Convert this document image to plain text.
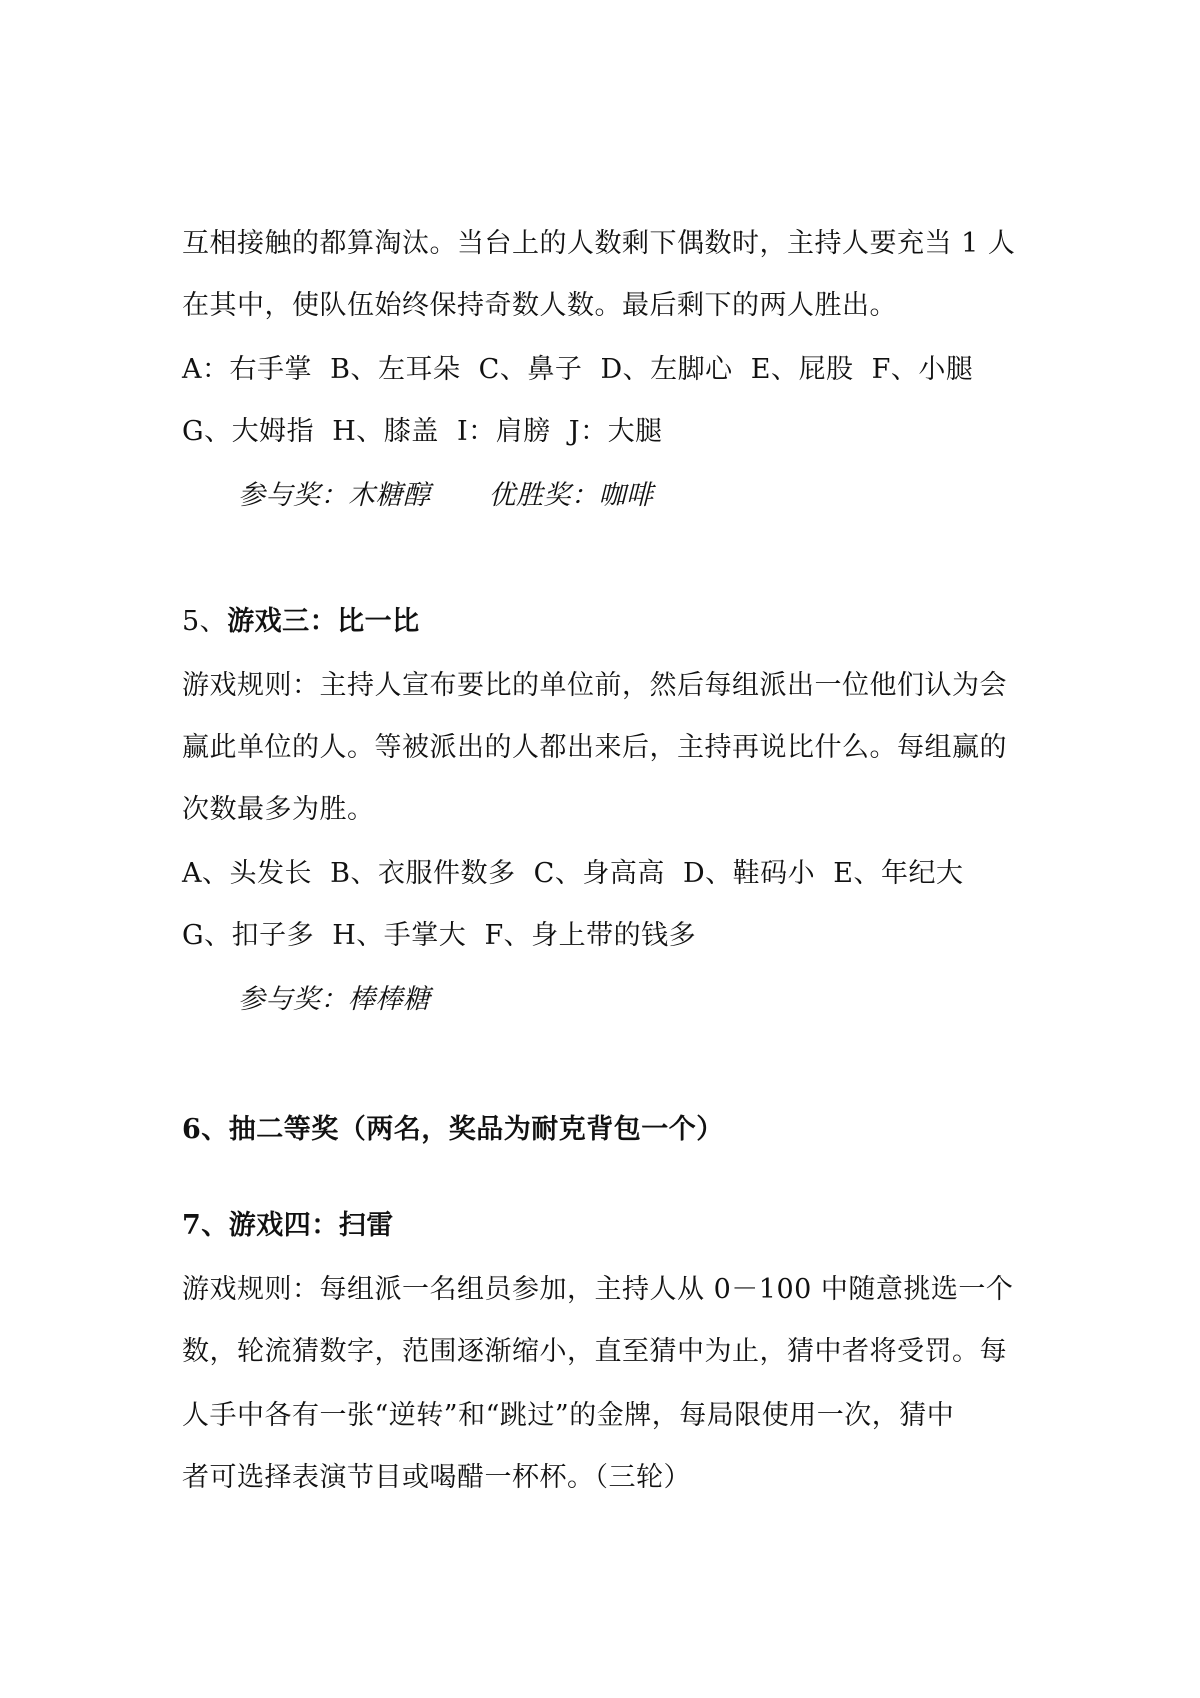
互相接触的都算淘汰。当台上的人数剩下偶数时，主持人要充当 1 人
在其中，使队伍始终保持奇数人数。最后剩下的两人胜出。
A：右手掌  B、左耳朵  C、鼻子  D、左脚心  E、屁股  F、小腿
G、大姆指  H、膝盖  I：肩膀  J：大腿
参与奖：木糖醇 优胜奖：咖啡
5、游戏三：比一比
游戏规则：主持人宣布要比的单位前，然后每组派出一位他们认为会
赢此单位的人。等被派出的人都出来后，主持再说比什么。每组赢的
次数最多为胜。
A、头发长  B、衣服件数多  C、身高高  D、鞋码小  E、年纪大
G、扣子多  H、手掌大  F、身上带的钱多
参与奖：棒棒糖
6、抽二等奖（两名，奖品为耐克背包一个）
7、游戏四：扫雷
游戏规则：每组派一名组员参加，主持人从 0－100 中随意挑选一个
数，轮流猜数字，范围逐渐缩小，直至猜中为止，猜中者将受罚。每
人手中各有一张“逆转”和“跳过”的金牌，每局限使用一次，猜中
者可选择表演节目或喝醋一杯杯。（三轮）
